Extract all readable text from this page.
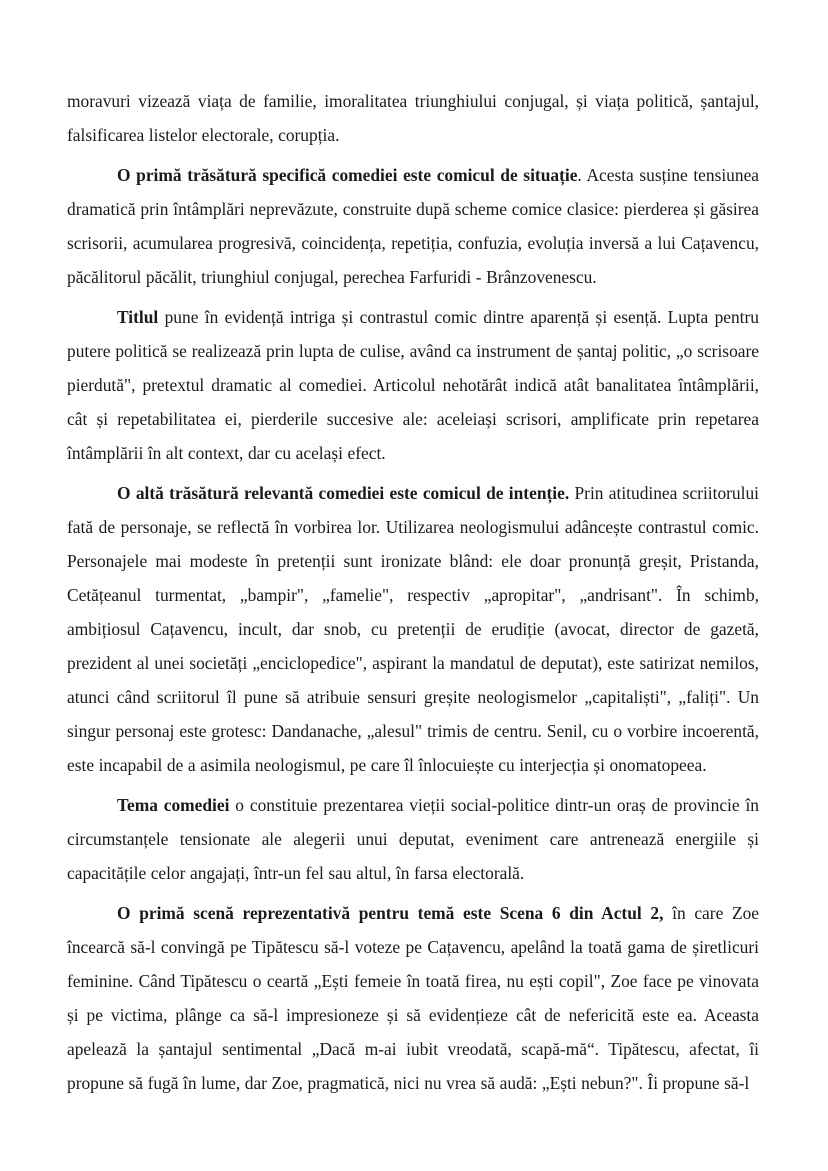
moravuri vizează viața de familie, imoralitatea triunghiului conjugal, și viața politică, șantajul, falsificarea listelor electorale, corupția.

O primă trăsătură specifică comediei este comicul de situație. Acesta susține tensiunea dramatică prin întâmplări neprevăzute, construite după scheme comice clasice: pierderea și găsirea scrisorii, acumularea progresivă, coincidența, repetiția, confuzia, evoluția inversă a lui Cațavencu, păcălitorul păcălit, triunghiul conjugal, perechea Farfuridi - Brânzovenescu.

Titlul pune în evidență intriga și contrastul comic dintre aparență și esență. Lupta pentru putere politică se realizează prin lupta de culise, având ca instrument de șantaj politic, „o scrisoare pierdută", pretextul dramatic al comediei. Articolul nehotărât indică atât banalitatea întâmplării, cât și repetabilitatea ei, pierderile succesive ale: aceleiași scrisori, amplificate prin repetarea întâmplării în alt context, dar cu același efect.

O altă trăsătură relevantă comediei este comicul de intenție. Prin atitudinea scriitorului fată de personaje, se reflectă în vorbirea lor. Utilizarea neologismului adâncește contrastul comic. Personajele mai modeste în pretenții sunt ironizate blând: ele doar pronunță greșit, Pristanda, Cetățeanul turmentat, „bampir", „famelie", respectiv „apropitar", „andrisant". În schimb, ambițiosul Cațavencu, incult, dar snob, cu pretenții de erudiție (avocat, director de gazetă, prezident al unei societăți „enciclopedice", aspirant la mandatul de deputat), este satirizat nemilos, atunci când scriitorul îl pune să atribuie sensuri greșite neologismelor „capitaliști", „faliți". Un singur personaj este grotesc: Dandanache, „alesul" trimis de centru. Senil, cu o vorbire incoerentă, este incapabil de a asimila neologismul, pe care îl înlocuiește cu interjecția și onomatopeea.

Tema comediei o constituie prezentarea vieții social-politice dintr-un oraș de provincie în circumstanțele tensionate ale alegerii unui deputat, eveniment care antrenează energiile și capacitățile celor angajați, într-un fel sau altul, în farsa electorală.

O primă scenă reprezentativă pentru temă este Scena 6 din Actul 2, în care Zoe încearcă să-l convingă pe Tipătescu să-l voteze pe Cațavencu, apelând la toată gama de șiretlicuri feminine. Când Tipătescu o ceartă „Ești femeie în toată firea, nu ești copil", Zoe face pe vinovata și pe victima, plânge ca să-l impresioneze și să evidențieze cât de nefericită este ea. Aceasta apelează la șantajul sentimental „Dacă m-ai iubit vreodată, scapă-mă“. Tipătescu, afectat, îi propune să fugă în lume, dar Zoe, pragmatică, nici nu vrea să audă: „Ești nebun?". Îi propune să-l
